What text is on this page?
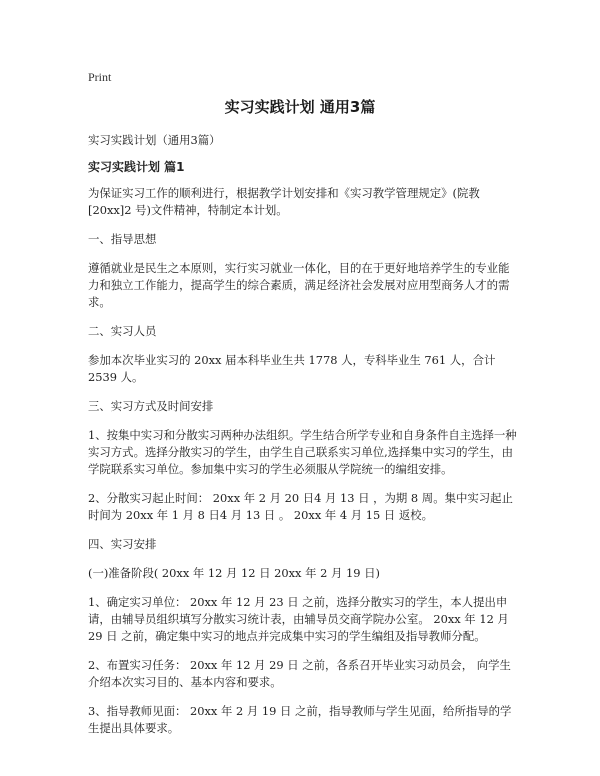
Print
实习实践计划 通用3篇

实习实践计划（通用3篇）

实习实践计划 篇1

为保证实习工作的顺利进行，根据教学计划安排和《实习教学管理规定》(院教[20xx]2 号)文件精神，特制定本计划。

一、指导思想

遵循就业是民生之本原则，实行实习就业一体化，目的在于更好地培养学生的专业能力和独立工作能力，提高学生的综合素质，满足经济社会发展对应用型商务人才的需求。

二、实习人员

参加本次毕业实习的 20xx 届本科毕业生共 1778 人，专科毕业生 761 人，合计 2539 人。

三、实习方式及时间安排

1、按集中实习和分散实习两种办法组织。学生结合所学专业和自身条件自主选择一种实习方式。选择分散实习的学生，由学生自己联系实习单位,选择集中实习的学生，由学院联系实习单位。参加集中实习的学生必须服从学院统一的编组安排。

2、分散实习起止时间： 20xx 年 2 月 20 日4 月 13 日 ，为期 8 周。集中实习起止时间为 20xx 年 1 月 8 日4 月 13 日 。 20xx 年 4 月 15 日 返校。

四、实习安排

(一)准备阶段( 20xx 年 12 月 12 日 20xx 年 2 月 19 日)

1、确定实习单位： 20xx 年 12 月 23 日 之前，选择分散实习的学生，本人提出申请，由辅导员组织填写分散实习统计表，由辅导员交商学院办公室。 20xx 年 12 月 29 日 之前，确定集中实习的地点并完成集中实习的学生编组及指导教师分配。

2、布置实习任务： 20xx 年 12 月 29 日 之前，各系召开毕业实习动员会， 向学生介绍本次实习目的、基本内容和要求。

3、指导教师见面： 20xx 年 2 月 19 日 之前，指导教师与学生见面，给所指导的学生提出具体要求。
